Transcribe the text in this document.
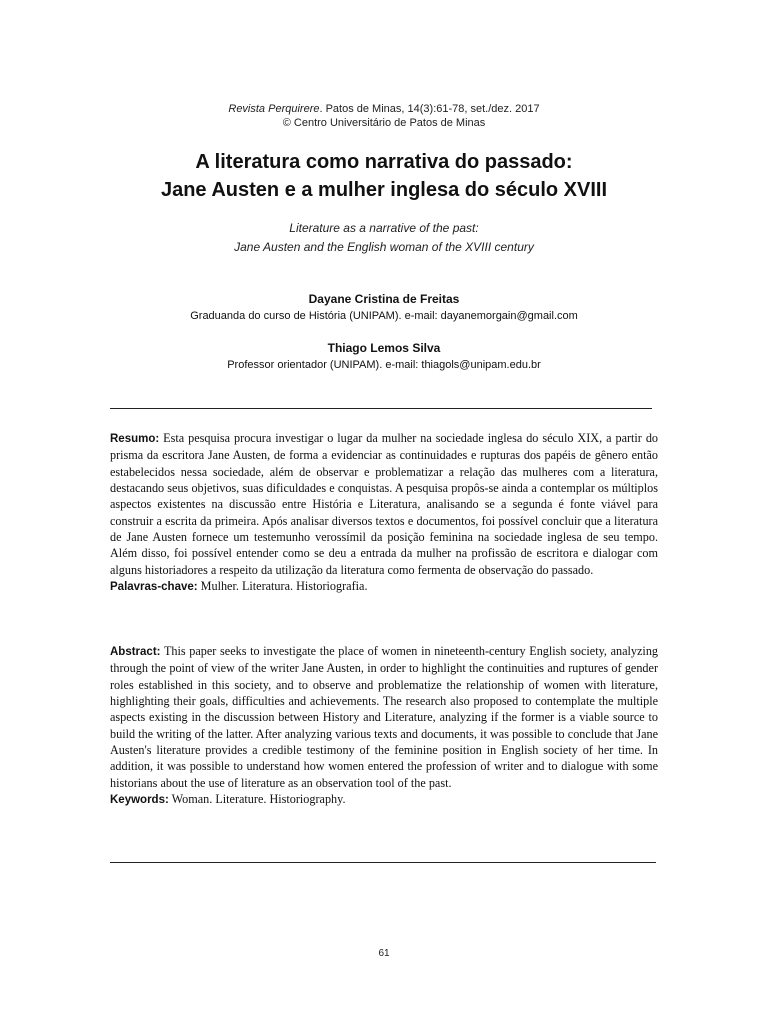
Revista Perquirere. Patos de Minas, 14(3):61-78, set./dez. 2017
© Centro Universitário de Patos de Minas
A literatura como narrativa do passado:
Jane Austen e a mulher inglesa do século XVIII
Literature as a narrative of the past:
Jane Austen and the English woman of the XVIII century
Dayane Cristina de Freitas
Graduanda do curso de História (UNIPAM). e-mail: dayanemorgain@gmail.com
Thiago Lemos Silva
Professor orientador (UNIPAM). e-mail: thiagols@unipam.edu.br

Resumo: Esta pesquisa procura investigar o lugar da mulher na sociedade inglesa do século XIX, a partir do prisma da escritora Jane Austen, de forma a evidenciar as continuidades e rupturas dos papéis de gênero então estabelecidos nessa sociedade, além de observar e problematizar a relação das mulheres com a literatura, destacando seus objetivos, suas dificuldades e conquistas. A pesquisa propôs-se ainda a contemplar os múltiplos aspectos existentes na discussão entre História e Literatura, analisando se a segunda é fonte viável para construir a escrita da primeira. Após analisar diversos textos e documentos, foi possível concluir que a literatura de Jane Austen fornece um testemunho verossímil da posição feminina na sociedade inglesa de seu tempo. Além disso, foi possível entender como se deu a entrada da mulher na profissão de escritora e dialogar com alguns historiadores a respeito da utilização da literatura como fermenta de observação do passado.

Palavras-chave: Mulher. Literatura. Historiografia.

Abstract: This paper seeks to investigate the place of women in nineteenth-century English society, analyzing through the point of view of the writer Jane Austen, in order to highlight the continuities and ruptures of gender roles established in this society, and to observe and problematize the relationship of women with literature, highlighting their goals, difficulties and achievements. The research also proposed to contemplate the multiple aspects existing in the discussion between History and Literature, analyzing if the former is a viable source to build the writing of the latter. After analyzing various texts and documents, it was possible to conclude that Jane Austen's literature provides a credible testimony of the feminine position in English society of her time. In addition, it was possible to understand how women entered the profession of writer and to dialogue with some historians about the use of literature as an observation tool of the past.

Keywords: Woman. Literature. Historiography.

61
